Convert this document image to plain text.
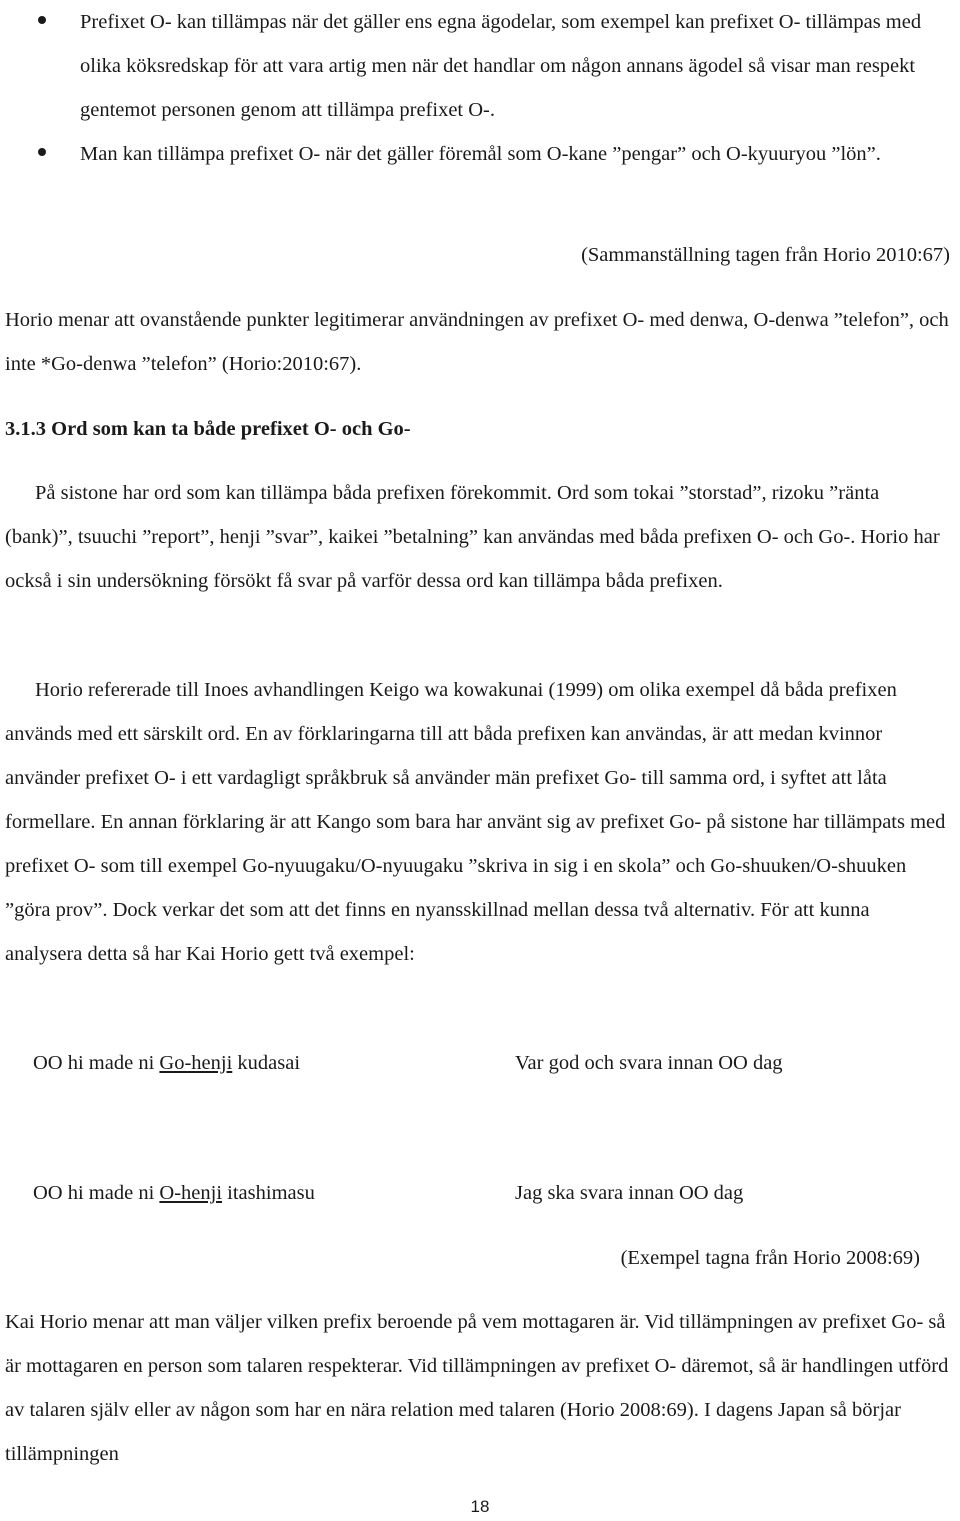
Prefixet O- kan tillämpas när det gäller ens egna ägodelar, som exempel kan prefixet O- tillämpas med olika köksredskap för att vara artig men när det handlar om någon annans ägodel så visar man respekt gentemot personen genom att tillämpa prefixet O-.
Man kan tillämpa prefixet O- när det gäller föremål som O-kane ”pengar” och O-kyuuryou ”lön”.

(Sammanställning tagen från Horio 2010:67)

Horio menar att ovanstående punkter legitimerar användningen av prefixet O- med denwa, O-denwa ”telefon”, och inte *Go-denwa ”telefon” (Horio:2010:67).

3.1.3 Ord som kan ta både prefixet O- och Go-

På sistone har ord som kan tillämpa båda prefixen förekommit. Ord som tokai ”storstad”, rizoku ”ränta (bank)”, tsuuchi ”report”, henji ”svar”, kaikei ”betalning” kan användas med båda prefixen O- och Go-. Horio har också i sin undersökning försökt få svar på varför dessa ord kan tillämpa båda prefixen.

Horio refererade till Inoes avhandlingen Keigo wa kowakunai (1999) om olika exempel då båda prefixen används med ett särskilt ord. En av förklaringarna till att båda prefixen kan användas, är att medan kvinnor använder prefixet O- i ett vardagligt språkbruk så använder män prefixet Go- till samma ord, i syftet att låta formellare. En annan förklaring är att Kango som bara har använt sig av prefixet Go- på sistone har tillämpats med prefixet O- som till exempel Go-nyuugaku/O-nyuugaku ”skriva in sig i en skola” och Go-shuuken/O-shuuken ”göra prov”. Dock verkar det som att det finns en nyansskillnad mellan dessa två alternativ. För att kunna analysera detta så har Kai Horio gett två exempel:

OO hi made ni Go-henji kudasai	Var god och svara innan OO dag
OO hi made ni O-henji itashimasu	Jag ska svara innan OO dag

(Exempel tagna från Horio 2008:69)

Kai Horio menar att man väljer vilken prefix beroende på vem mottagaren är. Vid tillämpningen av prefixet Go- så är mottagaren en person som talaren respekterar. Vid tillämpningen av prefixet O- däremot, så är handlingen utförd av talaren själv eller av någon som har en nära relation med talaren (Horio 2008:69). I dagens Japan så börjar tillämpningen

18
